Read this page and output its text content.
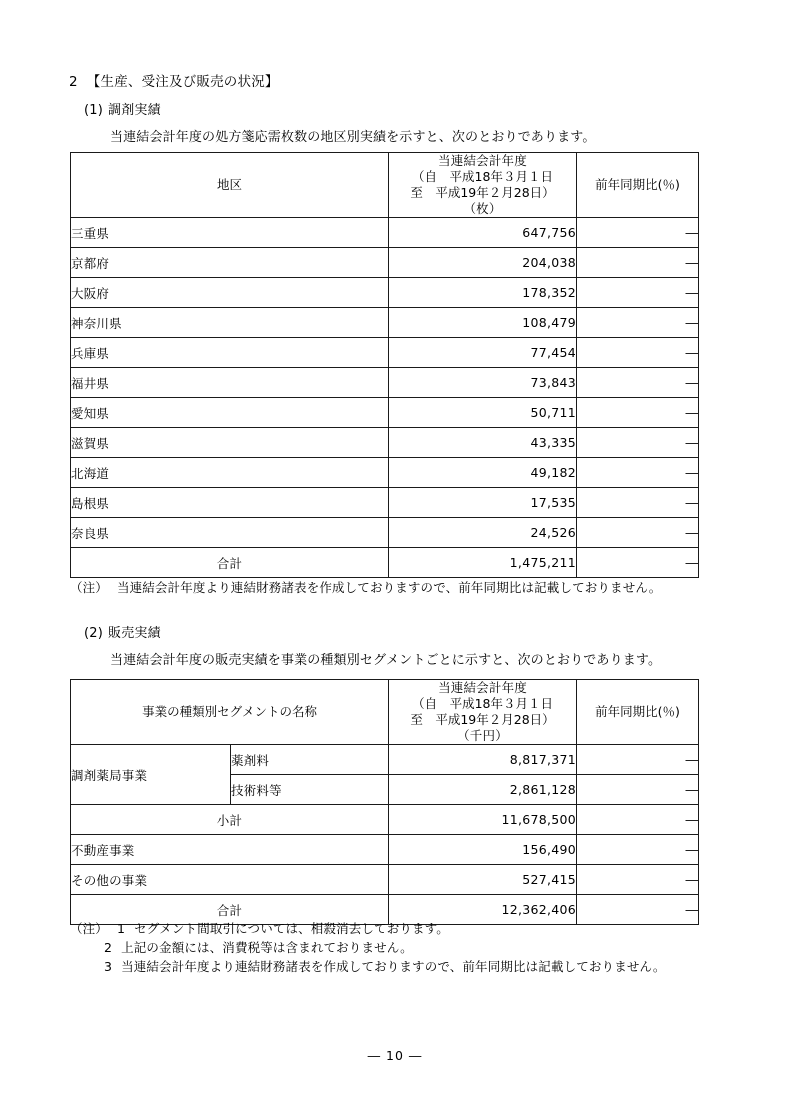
2 【生産、受注及び販売の状況】
(1) 調剤実績
当連結会計年度の処方箋応需枚数の地区別実績を示すと、次のとおりであります。
地区	当連結会計年度
（自　平成18年３月１日
至　平成19年２月28日）
（枚）	前年同期比(％)
三重県	647,756	―
京都府	204,038	―
大阪府	178,352	―
神奈川県	108,479	―
兵庫県	77,454	―
福井県	73,843	―
愛知県	50,711	―
滋賀県	43,335	―
北海道	49,182	―
島根県	17,535	―
奈良県	24,526	―
合計	1,475,211	―
（注） 当連結会計年度より連結財務諸表を作成しておりますので、前年同期比は記載しておりません。
(2) 販売実績
当連結会計年度の販売実績を事業の種類別セグメントごとに示すと、次のとおりであります。
事業の種類別セグメントの名称		当連結会計年度
（自　平成18年３月１日
至　平成19年２月28日）
（千円）	前年同期比(％)
調剤薬局事業	薬剤料	8,817,371	―
	技術料等	2,861,128	―
小計		11,678,500	―
不動産事業		156,490	―
その他の事業		527,415	―
合計		12,362,406	―
（注） 1 セグメント間取引については、相殺消去しております。
2 上記の金額には、消費税等は含まれておりません。
3 当連結会計年度より連結財務諸表を作成しておりますので、前年同期比は記載しておりません。
― 10 ―
